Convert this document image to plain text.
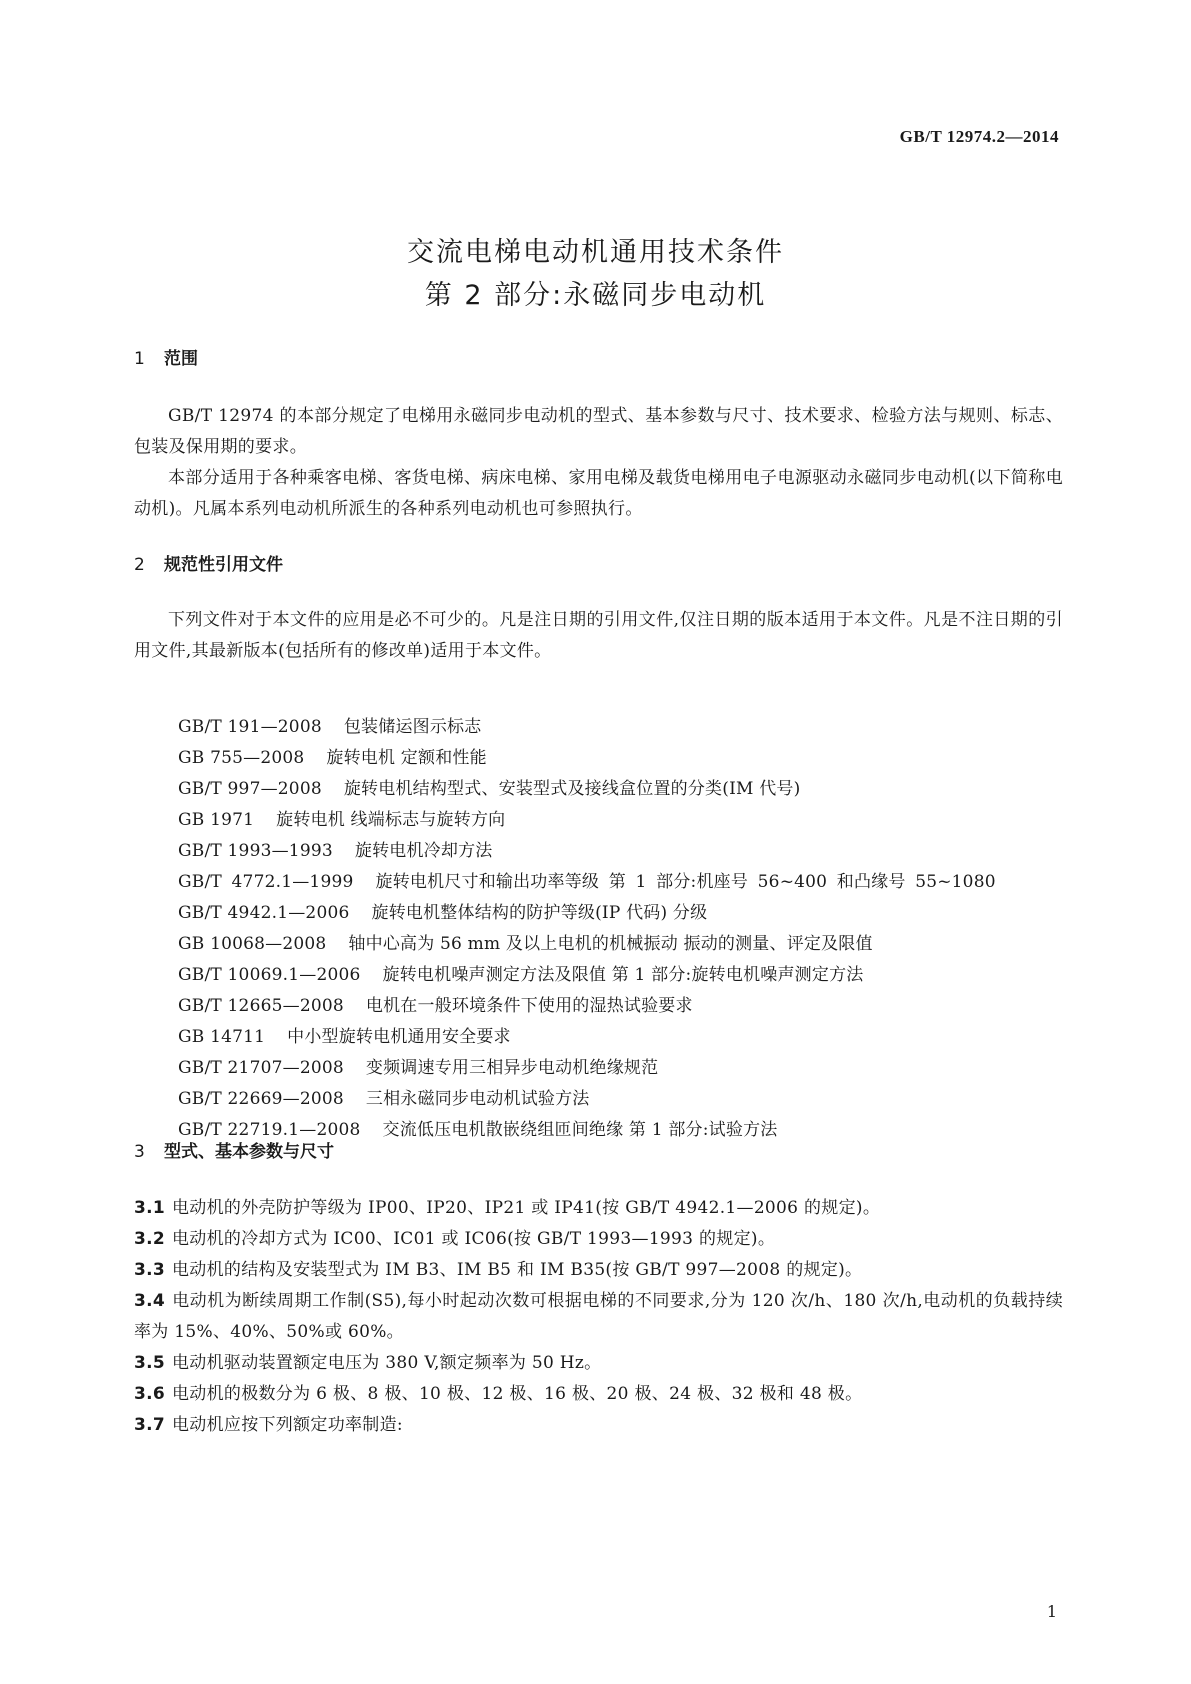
GB/T 12974.2—2014
交流电梯电动机通用技术条件
第 2 部分:永磁同步电动机
1 范围
GB/T 12974 的本部分规定了电梯用永磁同步电动机的型式、基本参数与尺寸、技术要求、检验方法与规则、标志、包装及保用期的要求。
本部分适用于各种乘客电梯、客货电梯、病床电梯、家用电梯及载货电梯用电子电源驱动永磁同步电动机(以下简称电动机)。凡属本系列电动机所派生的各种系列电动机也可参照执行。
2 规范性引用文件
下列文件对于本文件的应用是必不可少的。凡是注日期的引用文件,仅注日期的版本适用于本文件。凡是不注日期的引用文件,其最新版本(包括所有的修改单)适用于本文件。
GB/T 191—2008 包装储运图示标志
GB 755—2008 旋转电机 定额和性能
GB/T 997—2008 旋转电机结构型式、安装型式及接线盒位置的分类(IM 代号)
GB 1971 旋转电机 线端标志与旋转方向
GB/T 1993—1993 旋转电机冷却方法
GB/T 4772.1—1999 旋转电机尺寸和输出功率等级 第 1 部分:机座号 56~400 和凸缘号 55~1080
GB/T 4942.1—2006 旋转电机整体结构的防护等级(IP 代码) 分级
GB 10068—2008 轴中心高为 56 mm 及以上电机的机械振动 振动的测量、评定及限值
GB/T 10069.1—2006 旋转电机噪声测定方法及限值 第 1 部分:旋转电机噪声测定方法
GB/T 12665—2008 电机在一般环境条件下使用的湿热试验要求
GB 14711 中小型旋转电机通用安全要求
GB/T 21707—2008 变频调速专用三相异步电动机绝缘规范
GB/T 22669—2008 三相永磁同步电动机试验方法
GB/T 22719.1—2008 交流低压电机散嵌绕组匝间绝缘 第 1 部分:试验方法
3 型式、基本参数与尺寸
3.1 电动机的外壳防护等级为 IP00、IP20、IP21 或 IP41(按 GB/T 4942.1—2006 的规定)。
3.2 电动机的冷却方式为 IC00、IC01 或 IC06(按 GB/T 1993—1993 的规定)。
3.3 电动机的结构及安装型式为 IM B3、IM B5 和 IM B35(按 GB/T 997—2008 的规定)。
3.4 电动机为断续周期工作制(S5),每小时起动次数可根据电梯的不同要求,分为 120 次/h、180 次/h,电动机的负载持续率为 15%、40%、50%或 60%。
3.5 电动机驱动装置额定电压为 380 V,额定频率为 50 Hz。
3.6 电动机的极数分为 6 极、8 极、10 极、12 极、16 极、20 极、24 极、32 极和 48 极。
3.7 电动机应按下列额定功率制造:
1
